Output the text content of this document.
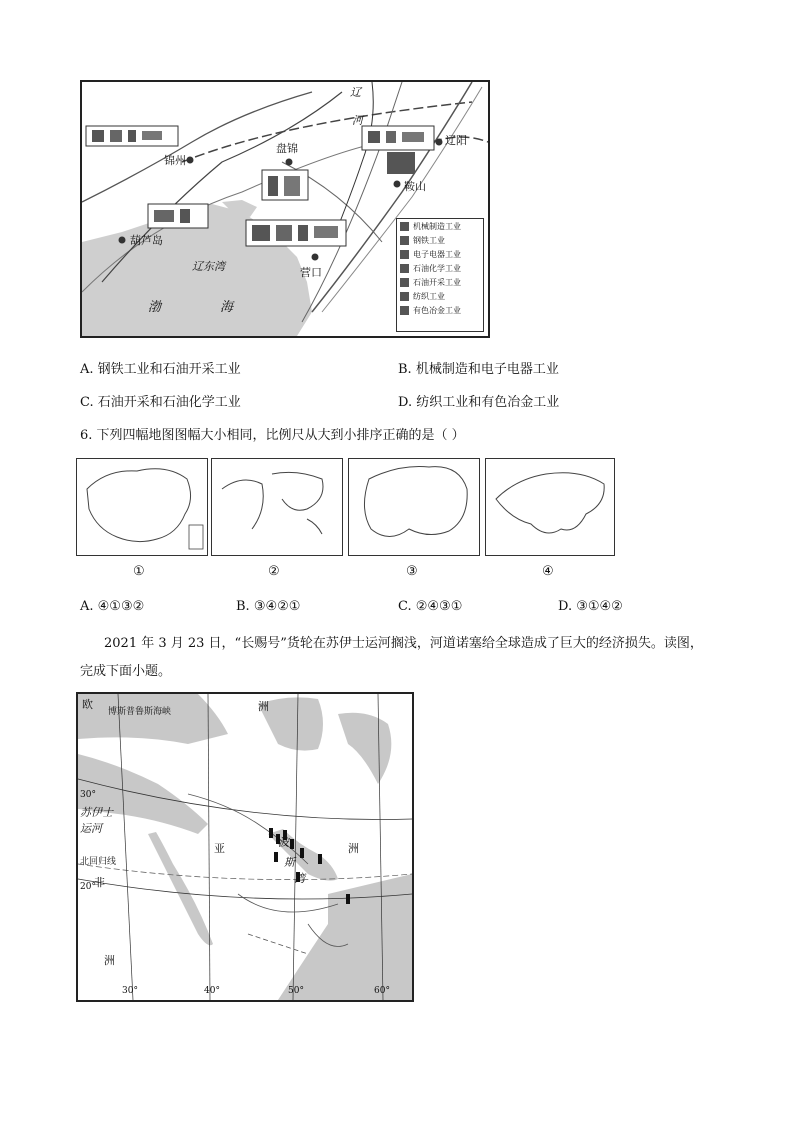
辽
河
辽阳
锦州
盘锦
鞍山
葫芦岛
辽东湾	营口
渤	海
机械制造工业
钢铁工业
电子电器工业
石油化学工业
石油开采工业
纺织工业
有色冶金工业
A. 钢铁工业和石油开采工业	B. 机械制造和电子电器工业
C. 石油开采和石油化学工业	D. 纺织工业和有色冶金工业
6. 下列四幅地图图幅大小相同，比例尺从大到小排序正确的是（ ）
①	②	③	④
A. ④①③②	B. ③④②①	C. ②④③①	D. ③①④②
2021 年 3 月 23 日，“长赐号”货轮在苏伊士运河搁浅，河道诺塞给全球造成了巨大的经济损失。读图，
完成下面小题。
欧
博斯普鲁斯海峡	洲
苏伊士
运河
亚	洲
波
斯
湾
北回归线
20°
非
洲
30°
30°	40°	50°	60°
